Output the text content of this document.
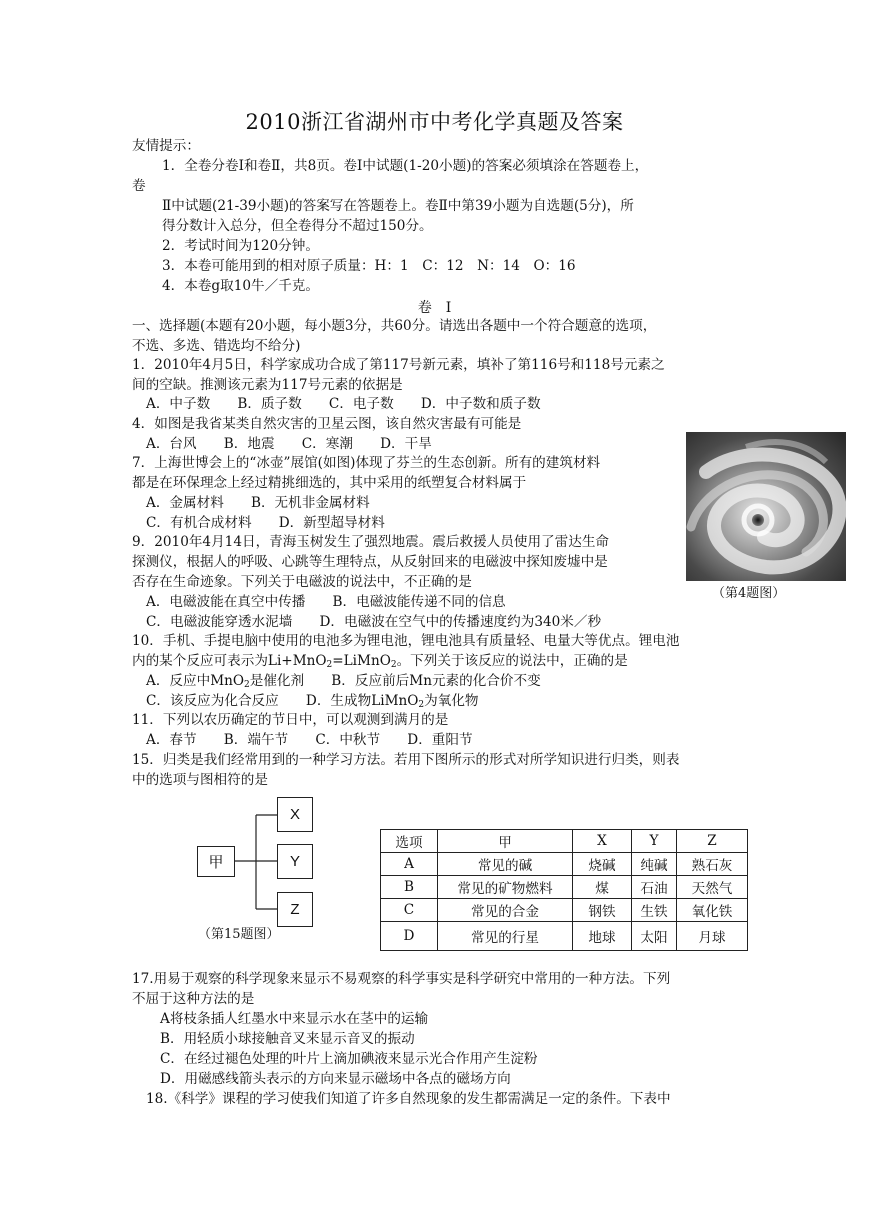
2010浙江省湖州市中考化学真题及答案
友情提示：
1．全卷分卷Ⅰ和卷Ⅱ，共8页。卷Ⅰ中试题(1-20小题)的答案必须填涂在答题卷上，
卷
Ⅱ中试题(21-39小题)的答案写在答题卷上。卷Ⅱ中第39小题为自选题(5分)，所
得分数计入总分，但全卷得分不超过150分。
2．考试时间为120分钟。
3．本卷可能用到的相对原子质量：H：1　C：12　N：14　O：16
4．本卷g取10牛／千克。
卷　Ⅰ
一、选择题(本题有20小题，每小题3分，共60分。请选出各题中一个符合题意的选项，
不选、多选、错选均不给分)
1．2010年4月5日，科学家成功合成了第117号新元素，填补了第116号和118号元素之
间的空缺。推测该元素为117号元素的依据是
A．中子数　　B．质子数　　C．电子数　　D．中子数和质子数
4．如图是我省某类自然灾害的卫星云图，该自然灾害最有可能是
A．台风　　B．地震　　C．寒潮　　D．干旱
7．上海世博会上的“冰壶”展馆(如图)体现了芬兰的生态创新。所有的建筑材料
都是在环保理念上经过精挑细选的，其中采用的纸塑复合材料属于
A．金属材料　　B．无机非金属材料
C．有机合成材料　　D．新型超导材料
9．2010年4月14日，青海玉树发生了强烈地震。震后救援人员使用了雷达生命
探测仪，根据人的呼吸、心跳等生理特点，从反射回来的电磁波中探知废墟中是
否存在生命迹象。下列关于电磁波的说法中，不正确的是
A．电磁波能在真空中传播　　B．电磁波能传递不同的信息
C．电磁波能穿透水泥墙　　D．电磁波在空气中的传播速度约为340米／秒
（第4题图）
10．手机、手提电脑中使用的电池多为锂电池，锂电池具有质量轻、电量大等优点。锂电池
内的某个反应可表示为Li+MnO$_2$=LiMnO$_2$。下列关于该反应的说法中，正确的是
A．反应中MnO$_2$是催化剂　　B．反应前后Mn元素的化合价不变
C．该反应为化合反应　　D．生成物LiMnO$_2$为氧化物
11．下列以农历确定的节日中，可以观测到满月的是
A．春节　　B．端午节　　C．中秋节　　D．重阳节
15．归类是我们经常用到的一种学习方法。若用下图所示的形式对所学知识进行归类，则表
中的选项与图相符的是
甲
X
Y
Z
（第15题图）
选项	甲	X	Y	Z
A	常见的碱	烧碱	纯碱	熟石灰
B	常见的矿物燃料	煤	石油	天然气
C	常见的合金	钢铁	生铁	氧化铁
D	常见的行星	地球	太阳	月球
17.用易于观察的科学现象来显示不易观察的科学事实是科学研究中常用的一种方法。下列
不屈于这种方法的是
A将枝条插人红墨水中来显示水在茎中的运输
B．用轻质小球接触音叉来显示音叉的振动
C．在经过褪色处理的叶片上滴加碘液来显示光合作用产生淀粉
D．用磁感线箭头表示的方向来显示磁场中各点的磁场方向
18.《科学》课程的学习使我们知道了许多自然现象的发生都需满足一定的条件。下表中
